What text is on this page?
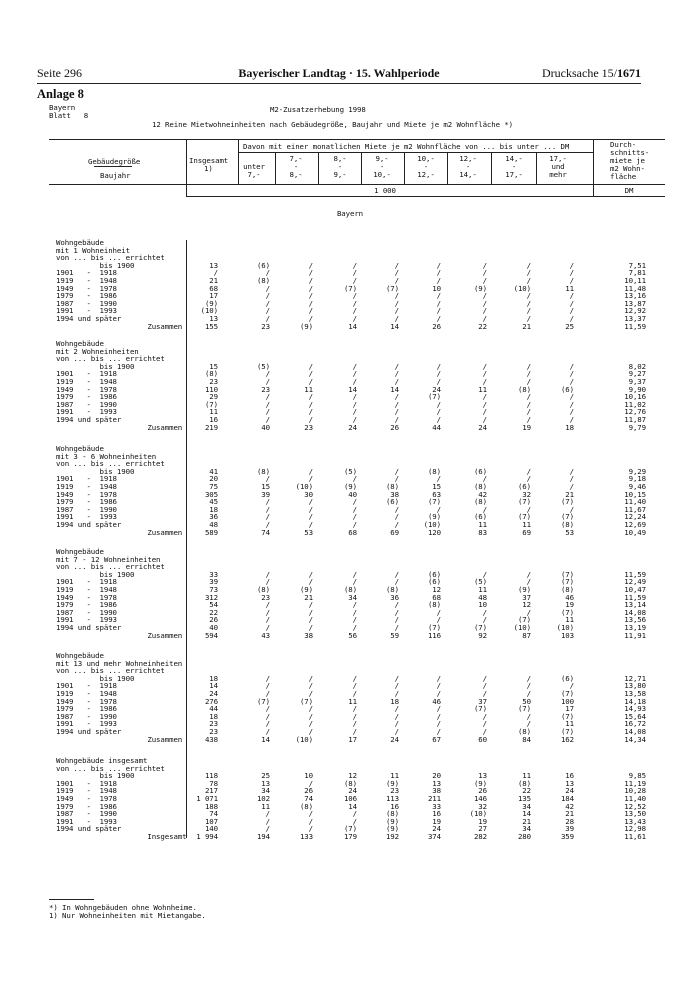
Seite 296	Bayerischer Landtag · 15. Wahlperiode	Drucksache 15/1671
Anlage 8
Bayern
Blatt   8
M2-Zusatzerhebung 1998
12 Reine Mietwohneinheiten nach Gebäudegröße, Baujahr und Miete je m2 Wohnfläche *)
Gebäudegröße
Baujahr
Insgesamt
1)
Davon mit einer monatlichen Miete je m2 Wohnfläche von ... bis unter ... DM	Durch-
schnitts-
miete je
m2 Wohn-
fläche
unter
7,-
7,-
-
8,-
8,-
-
9,-
9,-
-
10,-
10,-
-
12,-
12,-
-
14,-
14,-
-
17,-
17,-
und
mehr
1 000	DM
Bayern
Wohngebäude
mit 1 Wohneinheit
von ... bis ... errichtet
bis 1900	13	(6)	/	/	/	/	/	/	/	7,51
1901   -  1918	/	/	/	/	/	/	/	/	/	7,81
1919   -  1948	21	(8)	/	/	/	/	/	/	/	10,11
1949   -  1978	68	/	/	(7)	(7)	10	(9)	(10)	11	11,48
1979   -  1986	17	/	/	/	/	/	/	/	/	13,16
1987   -  1990	(9)	/	/	/	/	/	/	/	/	13,87
1991   -  1993	(10)	/	/	/	/	/	/	/	/	12,92
1994 und später	13	/	/	/	/	/	/	/	/	13,37
Zusammen	155	23	(9)	14	14	26	22	21	25	11,59
Wohngebäude
mit 2 Wohneinheiten
von ... bis ... errichtet
bis 1900	15	(5)	/	/	/	/	/	/	/	8,02
1901   -  1918	(8)	/	/	/	/	/	/	/	/	9,27
1919   -  1948	23	/	/	/	/	/	/	/	/	9,37
1949   -  1978	110	23	11	14	14	24	11	(8)	(6)	9,90
1979   -  1986	29	/	/	/	/	(7)	/	/	/	10,16
1987   -  1990	(7)	/	/	/	/	/	/	/	/	11,02
1991   -  1993	11	/	/	/	/	/	/	/	/	12,76
1994 und später	16	/	/	/	/	/	/	/	/	11,87
Zusammen	219	40	23	24	26	44	24	19	18	9,79
Wohngebäude
mit 3 - 6 Wohneinheiten
von ... bis ... errichtet
bis 1900	41	(8)	/	(5)	/	(8)	(6)	/	/	9,29
1901   -  1918	20	/	/	/	/	/	/	/	/	9,18
1919   -  1948	75	15	(10)	(9)	(8)	15	(8)	(6)	/	9,46
1949   -  1978	305	39	30	40	38	63	42	32	21	10,15
1979   -  1986	45	/	/	/	(6)	(7)	(8)	(7)	(7)	11,40
1987   -  1990	18	/	/	/	/	/	/	/	/	11,67
1991   -  1993	36	/	/	/	/	(9)	(6)	(7)	(7)	12,24
1994 und später	48	/	/	/	/	(10)	11	11	(8)	12,69
Zusammen	589	74	53	68	69	120	83	69	53	10,49
Wohngebäude
mit 7 - 12 Wohneinheiten
von ... bis ... errichtet
bis 1900	33	/	/	/	/	(6)	/	/	(7)	11,59
1901   -  1918	39	/	/	/	/	(6)	(5)	/	(7)	12,49
1919   -  1948	73	(8)	(9)	(8)	(8)	12	11	(9)	(8)	10,47
1949   -  1978	312	23	21	34	36	68	48	37	46	11,59
1979   -  1986	54	/	/	/	/	(8)	10	12	19	13,14
1987   -  1990	22	/	/	/	/	/	/	/	(7)	14,08
1991   -  1993	26	/	/	/	/	/	/	(7)	11	13,56
1994 und später	40	/	/	/	/	(7)	(7)	(10)	(10)	13,19
Zusammen	594	43	38	56	59	116	92	87	103	11,91
Wohngebäude
mit 13 und mehr Wohneinheiten
von ... bis ... errichtet
bis 1900	18	/	/	/	/	/	/	/	(6)	12,71
1901   -  1918	14	/	/	/	/	/	/	/	/	13,80
1919   -  1948	24	/	/	/	/	/	/	/	(7)	13,58
1949   -  1978	276	(7)	(7)	11	18	46	37	50	100	14,18
1979   -  1986	44	/	/	/	/	/	(7)	(7)	17	14,93
1987   -  1990	18	/	/	/	/	/	/	/	(7)	15,64
1991   -  1993	23	/	/	/	/	/	/	/	11	16,72
1994 und später	23	/	/	/	/	/	/	(8)	(7)	14,08
Zusammen	438	14	(10)	17	24	67	60	84	162	14,34
Wohngebäude insgesamt
von ... bis ... errichtet
bis 1900	118	25	10	12	11	20	13	11	16	9,85
1901   -  1918	78	13	/	(8)	(9)	13	(9)	(8)	13	11,19
1919   -  1948	217	34	26	24	23	38	26	22	24	10,28
1949   -  1978	1 071	102	74	106	113	211	146	135	184	11,40
1979   -  1986	188	11	(8)	14	16	33	32	34	42	12,52
1987   -  1990	74	/	/	/	(8)	16	(10)	14	21	13,50
1991   -  1993	107	/	/	/	(9)	19	19	21	28	13,43
1994 und später	140	/	/	(7)	(9)	24	27	34	39	12,98
Insgesamt	1 994	194	133	179	192	374	282	280	359	11,61
*) In Wohngebäuden ohne Wohnheime.
1) Nur Wohneinheiten mit Mietangabe.
